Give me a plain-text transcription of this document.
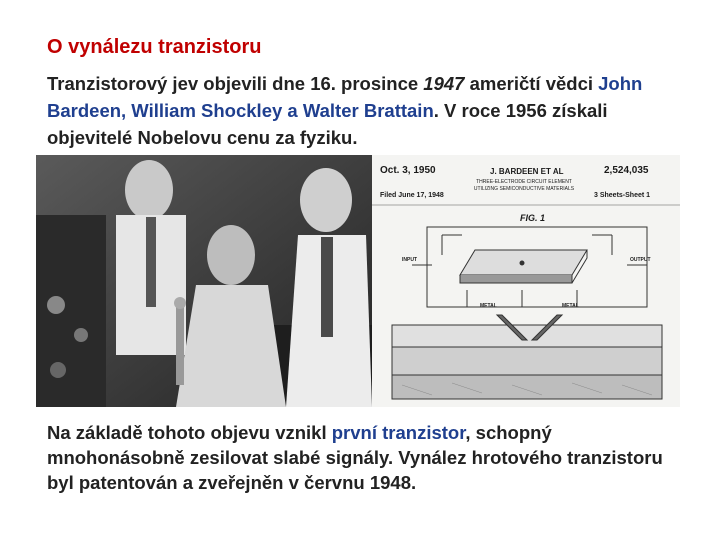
O vynálezu tranzistoru
Tranzistorový jev objevili dne 16. prosince 1947 američtí vědci John Bardeen, William Shockley a Walter Brattain. V roce 1956 získali objevitelé Nobelovu cenu za fyziku.
Oct. 3, 1950	J. BARDEEN ET AL	2,524,035
THREE-ELECTRODE CIRCUIT ELEMENT UTILIZING SEMICONDUCTIVE MATERIALS
Filed June 17, 1948	3 Sheets-Sheet 1
FIG. 1
INPUT	OUTPUT
METAL	METAL
Na základě tohoto objevu vznikl první tranzistor, schopný mnohonásobně zesilovat slabé signály. Vynález hrotového tranzistoru byl patentován a zveřejněn v červnu 1948.
